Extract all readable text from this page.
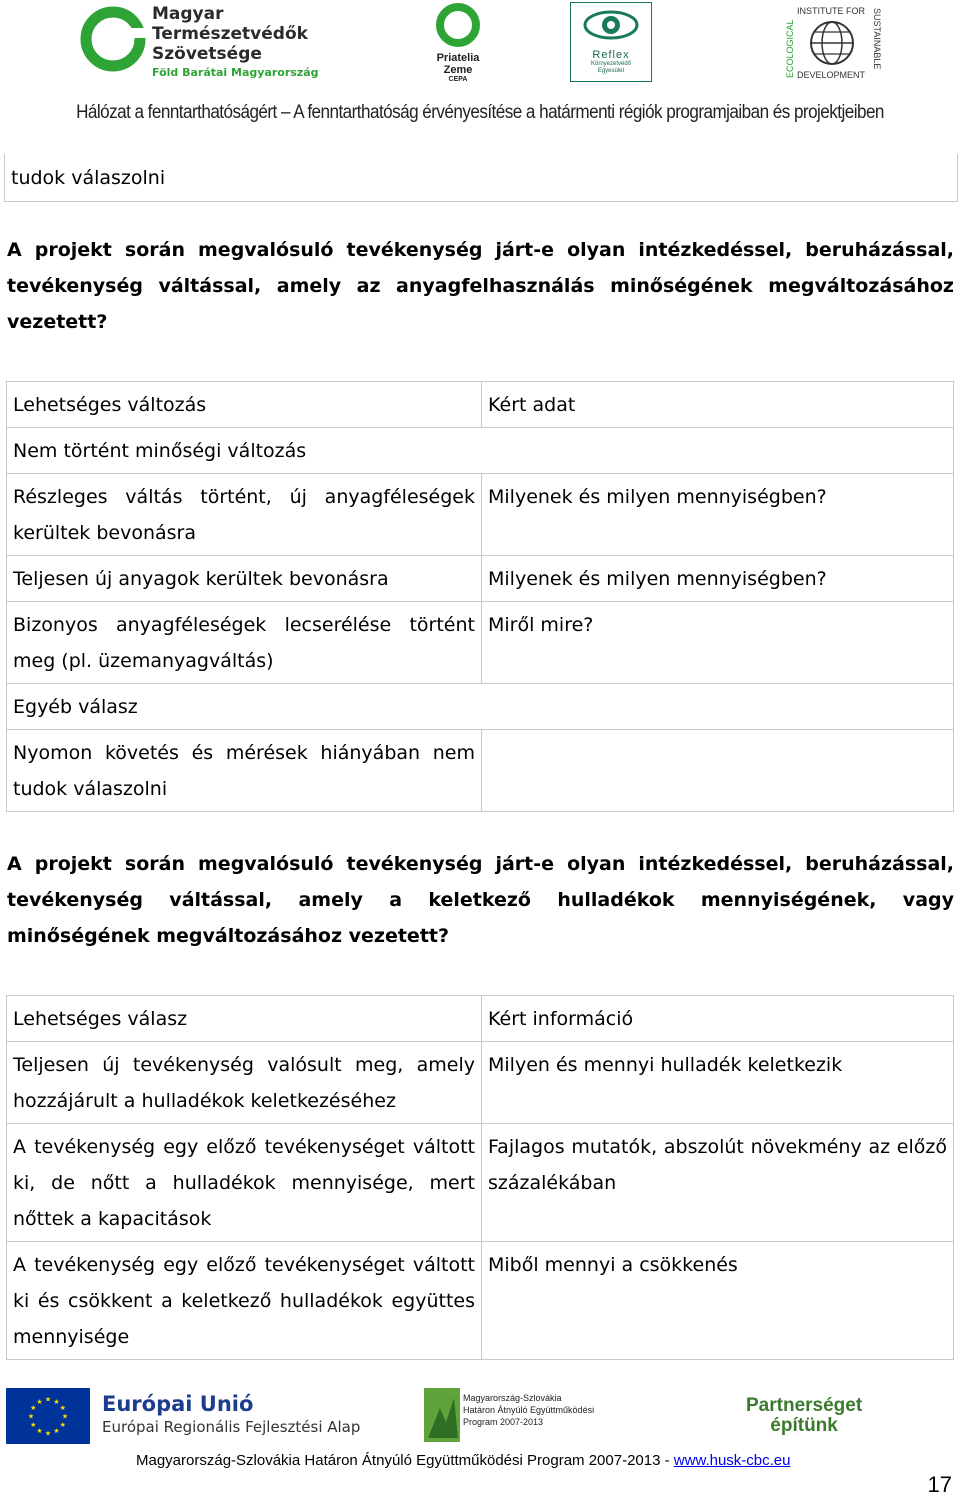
Magyar
Természetvédők
Szövetsége
Föld Barátai Magyarország
Priatelia
Zeme
CEPA
Reflex
Környezetvédő
Egyesület	ECOLOGICAL
INSTITUTE FOR
DEVELOPMENT
SUSTAINABLE
Hálózat a fenntarthatóságért – A fenntarthatóság érvényesítése a határmenti régiók programjaiban és projektjeiben
tudok válaszolni
A projekt során megvalósuló tevékenység járt-e olyan intézkedéssel, beruházással, tevékenység váltással, amely az anyagfelhasználás minőségének megváltozásához vezetett?
Lehetséges változás	Kért adat
Nem történt minőségi változás	
Részleges váltás történt, új anyagféleségek kerültek bevonásra	Milyenek és milyen mennyiségben?
Teljesen új anyagok kerültek bevonásra	Milyenek és milyen mennyiségben?
Bizonyos anyagféleségek lecserélése történt meg (pl. üzemanyagváltás)	Miről mire?
Egyéb válasz	
Nyomon követés és mérések hiányában nem tudok válaszolni	
A projekt során megvalósuló tevékenység járt-e olyan intézkedéssel, beruházással, tevékenység váltással, amely a keletkező hulladékok mennyiségének, vagy minőségének megváltozásához vezetett?
Lehetséges válasz	Kért információ
Teljesen új tevékenység valósult meg, amely hozzájárult a hulladékok keletkezéséhez	Milyen és mennyi hulladék keletkezik
A tevékenység egy előző tevékenységet váltott ki, de nőtt a hulladékok mennyisége, mert nőttek a kapacitások	Fajlagos mutatók, abszolút növekmény az előző százalékában
A tevékenység egy előző tevékenységet váltott ki és csökkent a keletkező hulladékok együttes mennyisége	Miből mennyi a csökkenés
★
★
★
★
★
★
★
★
★ ★ ★
★ Európai Unió
Európai Regionális Fejlesztési Alap
Magyarország-Szlovákia
Határon Átnyúló Együttműködési
Program 2007-2013
Partnerséget
építünk
Magyarország-Szlovákia Határon Átnyúló Együttműködési Program 2007-2013 - www.husk-cbc.eu
17
